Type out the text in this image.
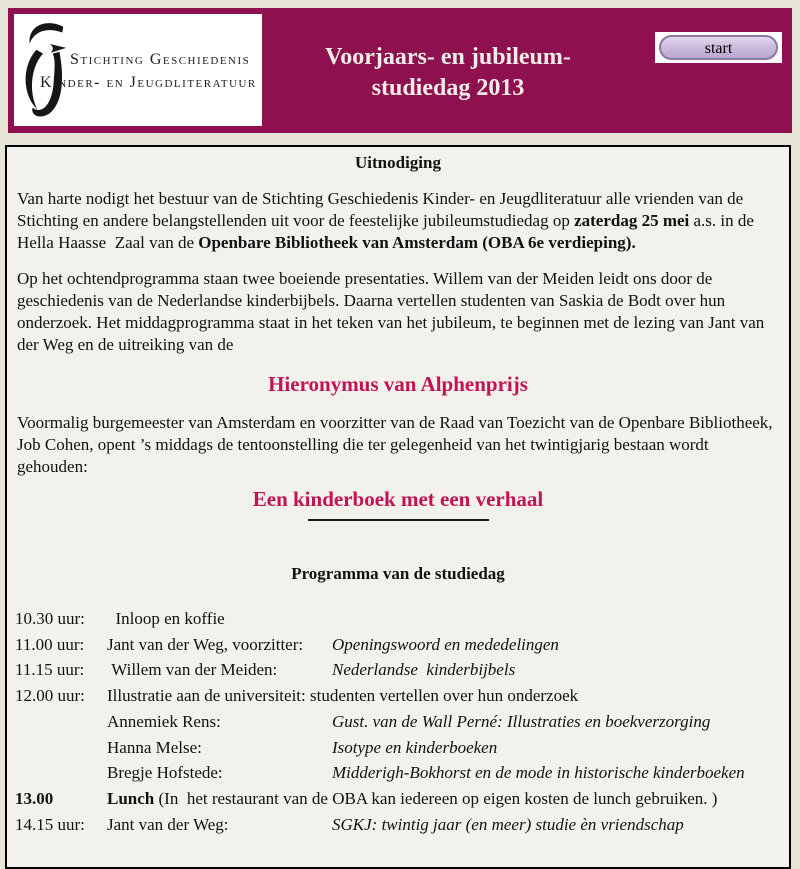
Stichting Geschiedenis
Kinder- en Jeugdliteratuur
Voorjaars- en jubileum-
studiedag 2013
start
Uitnodiging

Van harte nodigt het bestuur van de Stichting Geschiedenis Kinder- en Jeugdliteratuur alle vrienden van de Stichting en andere belangstellenden uit voor de feestelijke jubileumstudiedag op zaterdag 25 mei a.s. in de Hella Haasse  Zaal van de Openbare Bibliotheek van Amsterdam (OBA 6e verdieping).

Op het ochtendprogramma staan twee boeiende presentaties. Willem van der Meiden leidt ons door de geschiedenis van de Nederlandse kinderbijbels. Daarna vertellen studenten van Saskia de Bodt over hun onderzoek. Het middagprogramma staat in het teken van het jubileum, te beginnen met de lezing van Jant van der Weg en de uitreiking van de

Hieronymus van Alphenprijs

Voormalig burgemeester van Amsterdam en voorzitter van de Raad van Toezicht van de Openbare Bibliotheek, Job Cohen, opent ’s middags de tentoonstelling die ter gelegenheid van het twintigjarig bestaan wordt gehouden:

Een kinderboek met een verhaal
Programma van de studiedag
10.30 uur:	Inloop en koffie
11.00 uur:	Jant van der Weg, voorzitter:	Openingswoord en mededelingen
11.15 uur:	Willem van der Meiden:	Nederlandse  kinderbijbels
12.00 uur:	Illustratie aan de universiteit: studenten vertellen over hun onderzoek
Annemiek Rens:	Gust. van de Wall Perné: Illustraties en boekverzorging
Hanna Melse:	Isotype en kinderboeken
Bregje Hofstede:	Midderigh-Bokhorst en de mode in historische kinderboeken
13.00	Lunch (In  het restaurant van de OBA kan iedereen op eigen kosten de lunch gebruiken. )
14.15 uur:	Jant van der Weg:	SGKJ: twintig jaar (en meer) studie èn vriendschap
